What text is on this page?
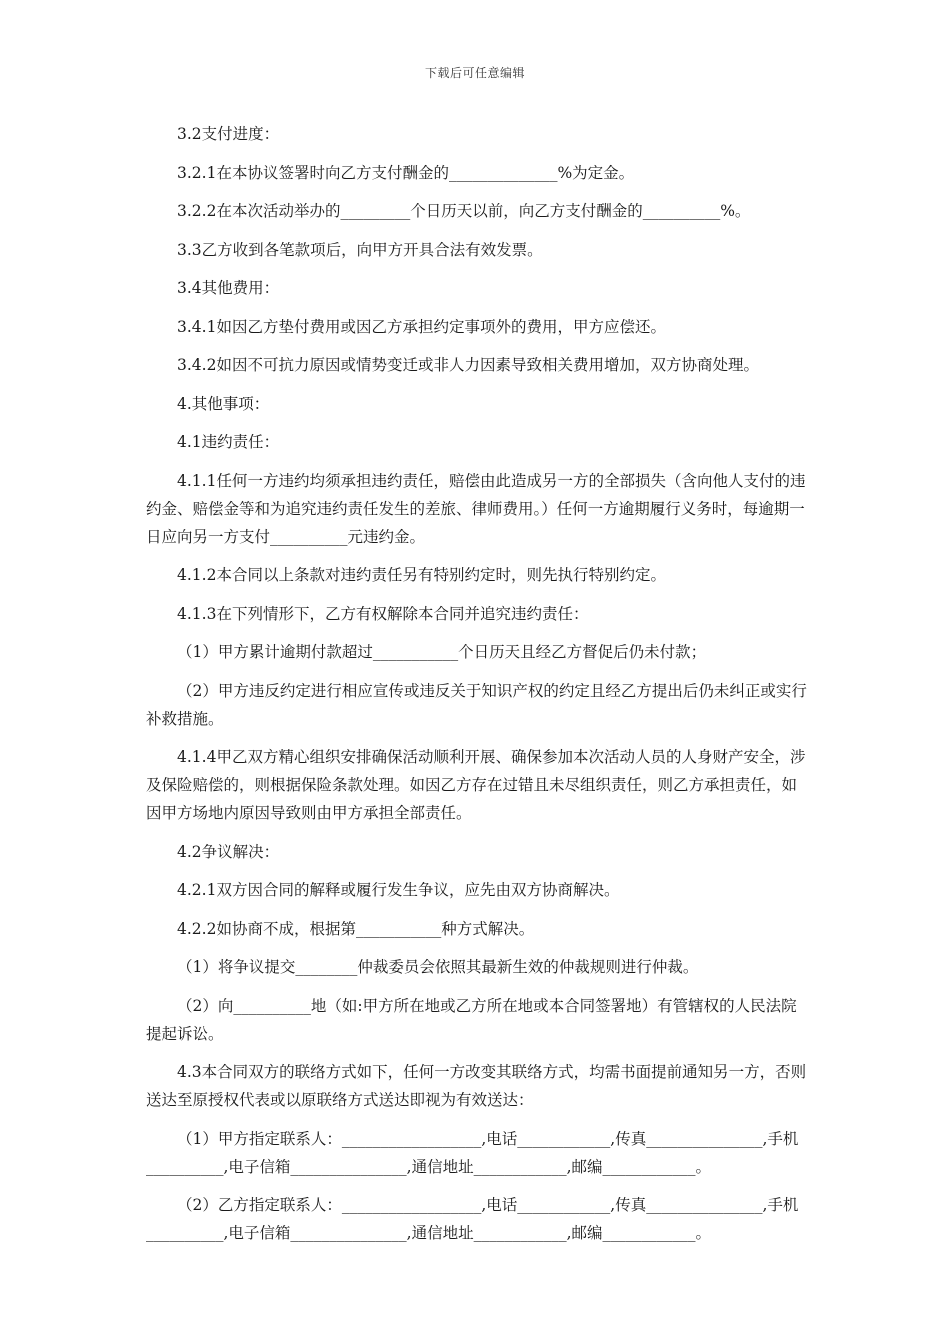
下载后可任意编辑

3.2支付进度：

3.2.1在本协议签署时向乙方支付酬金的______________%为定金。

3.2.2在本次活动举办的_________个日历天以前，向乙方支付酬金的__________%。

3.3乙方收到各笔款项后，向甲方开具合法有效发票。

3.4其他费用：

3.4.1如因乙方垫付费用或因乙方承担约定事项外的费用，甲方应偿还。

3.4.2如因不可抗力原因或情势变迁或非人力因素导致相关费用增加，双方协商处理。

4.其他事项：

4.1违约责任：

4.1.1任何一方违约均须承担违约责任，赔偿由此造成另一方的全部损失（含向他人支付的违约金、赔偿金等和为追究违约责任发生的差旅、律师费用。）任何一方逾期履行义务时，每逾期一日应向另一方支付__________元违约金。

4.1.2本合同以上条款对违约责任另有特别约定时，则先执行特别约定。

4.1.3在下列情形下，乙方有权解除本合同并追究违约责任：

（1）甲方累计逾期付款超过___________个日历天且经乙方督促后仍未付款；

（2）甲方违反约定进行相应宣传或违反关于知识产权的约定且经乙方提出后仍未纠正或实行补救措施。

4.1.4甲乙双方精心组织安排确保活动顺利开展、确保参加本次活动人员的人身财产安全，涉及保险赔偿的，则根据保险条款处理。如因乙方存在过错且未尽组织责任，则乙方承担责任，如因甲方场地内原因导致则由甲方承担全部责任。

4.2争议解决：

4.2.1双方因合同的解释或履行发生争议，应先由双方协商解决。

4.2.2如协商不成，根据第___________种方式解决。

（1）将争议提交________仲裁委员会依照其最新生效的仲裁规则进行仲裁。

（2）向__________地（如:甲方所在地或乙方所在地或本合同签署地）有管辖权的人民法院提起诉讼。

4.3本合同双方的联络方式如下，任何一方改变其联络方式，均需书面提前通知另一方，否则送达至原授权代表或以原联络方式送达即视为有效送达：

（1）甲方指定联系人：__________________,电话____________,传真_______________,手机__________,电子信箱_______________,通信地址____________,邮编____________。

（2）乙方指定联系人：__________________,电话____________,传真_______________,手机__________,电子信箱_______________,通信地址____________,邮编____________。
